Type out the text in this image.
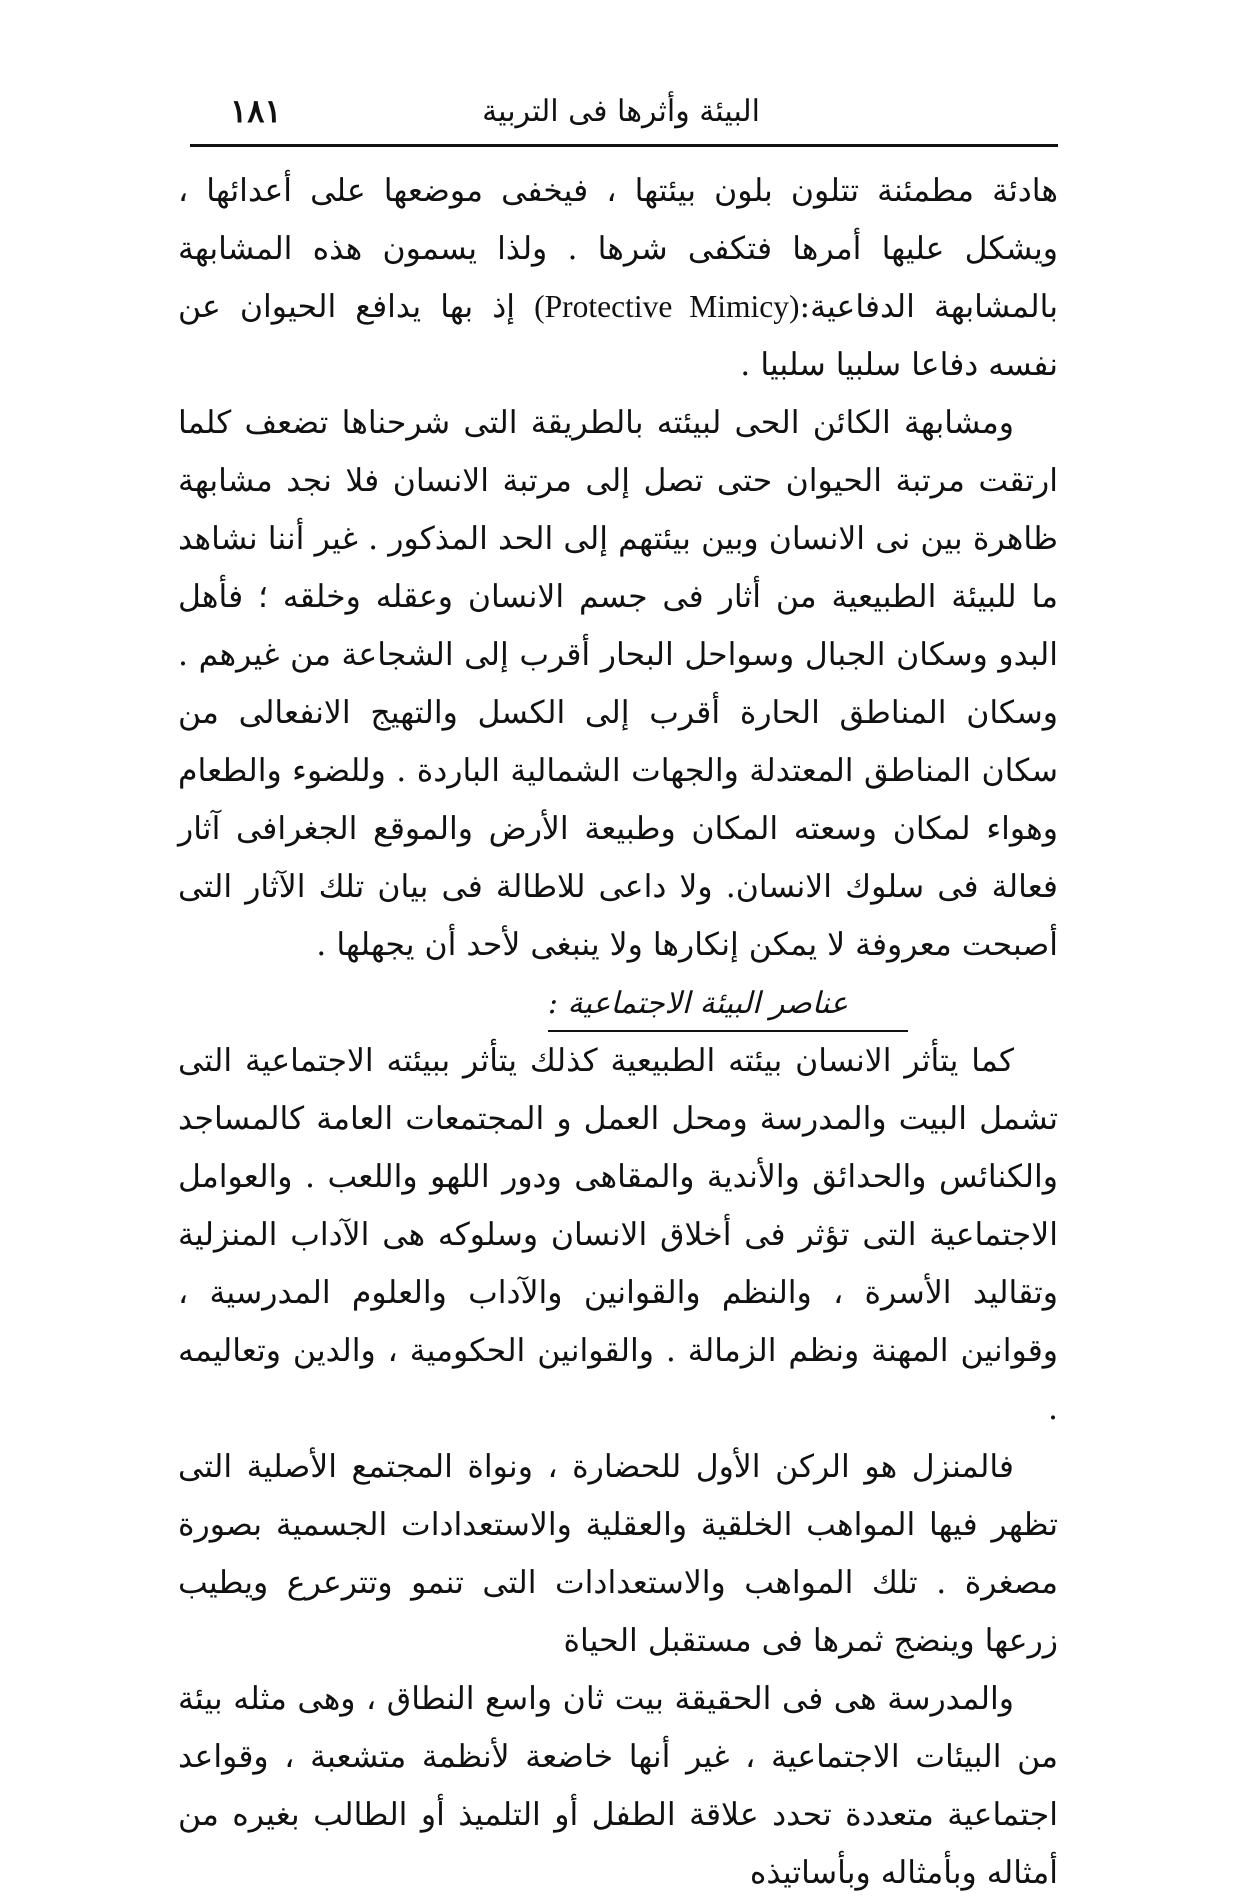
١٨١	البيئة وأثرها فى التربية

هادئة مطمئنة تتلون بلون بيئتها ، فيخفى موضعها على أعدائها ، ويشكل عليها أمرها فتكفى شرها . ولذا يسمون هذه المشابهة بالمشابهة الدفاعية:(Protective Mimicy) إذ بها يدافع الحيوان عن نفسه دفاعا سلبيا سلبيا .

ومشابهة الكائن الحى لبيئته بالطريقة التى شرحناها تضعف كلما ارتقت مرتبة الحيوان حتى تصل إلى مرتبة الانسان فلا نجد مشابهة ظاهرة بين نى الانسان وبين بيئتهم إلى الحد المذكور . غير أننا نشاهد ما للبيئة الطبيعية من أثار فى جسم الانسان وعقله وخلقه ؛ فأهل البدو وسكان الجبال وسواحل البحار أقرب إلى الشجاعة من غيرهم . وسكان المناطق الحارة أقرب إلى الكسل والتهيج الانفعالى من سكان المناطق المعتدلة والجهات الشمالية الباردة . وللضوء والطعام وهواء لمكان وسعته المكان وطبيعة الأرض والموقع الجغرافى آثار فعالة فى سلوك الانسان. ولا داعى للاطالة فى بيان تلك الآثار التى أصبحت معروفة لا يمكن إنكارها ولا ينبغى لأحد أن يجهلها .

عناصر البيئة الاجتماعية :

كما يتأثر الانسان بيئته الطبيعية كذلك يتأثر ببيئته الاجتماعية التى تشمل البيت والمدرسة ومحل العمل و المجتمعات العامة كالمساجد والكنائس والحدائق والأندية والمقاهى ودور اللهو واللعب . والعوامل الاجتماعية التى تؤثر فى أخلاق الانسان وسلوكه هى الآداب المنزلية وتقاليد الأسرة ، والنظم والقوانين والآداب والعلوم المدرسية ، وقوانين المهنة ونظم الزمالة . والقوانين الحكومية ، والدين وتعاليمه .

فالمنزل هو الركن الأول للحضارة ، ونواة المجتمع الأصلية التى تظهر فيها المواهب الخلقية والعقلية والاستعدادات الجسمية بصورة مصغرة . تلك المواهب والاستعدادات التى تنمو وتترعرع ويطيب زرعها وينضج ثمرها فى مستقبل الحياة

والمدرسة هى فى الحقيقة بيت ثان واسع النطاق ، وهى مثله بيئة من البيئات الاجتماعية ، غير أنها خاضعة لأنظمة متشعبة ، وقواعد اجتماعية متعددة تحدد علاقة الطفل أو التلميذ أو الطالب بغيره من أمثاله وبأمثاله وبأساتيذه
